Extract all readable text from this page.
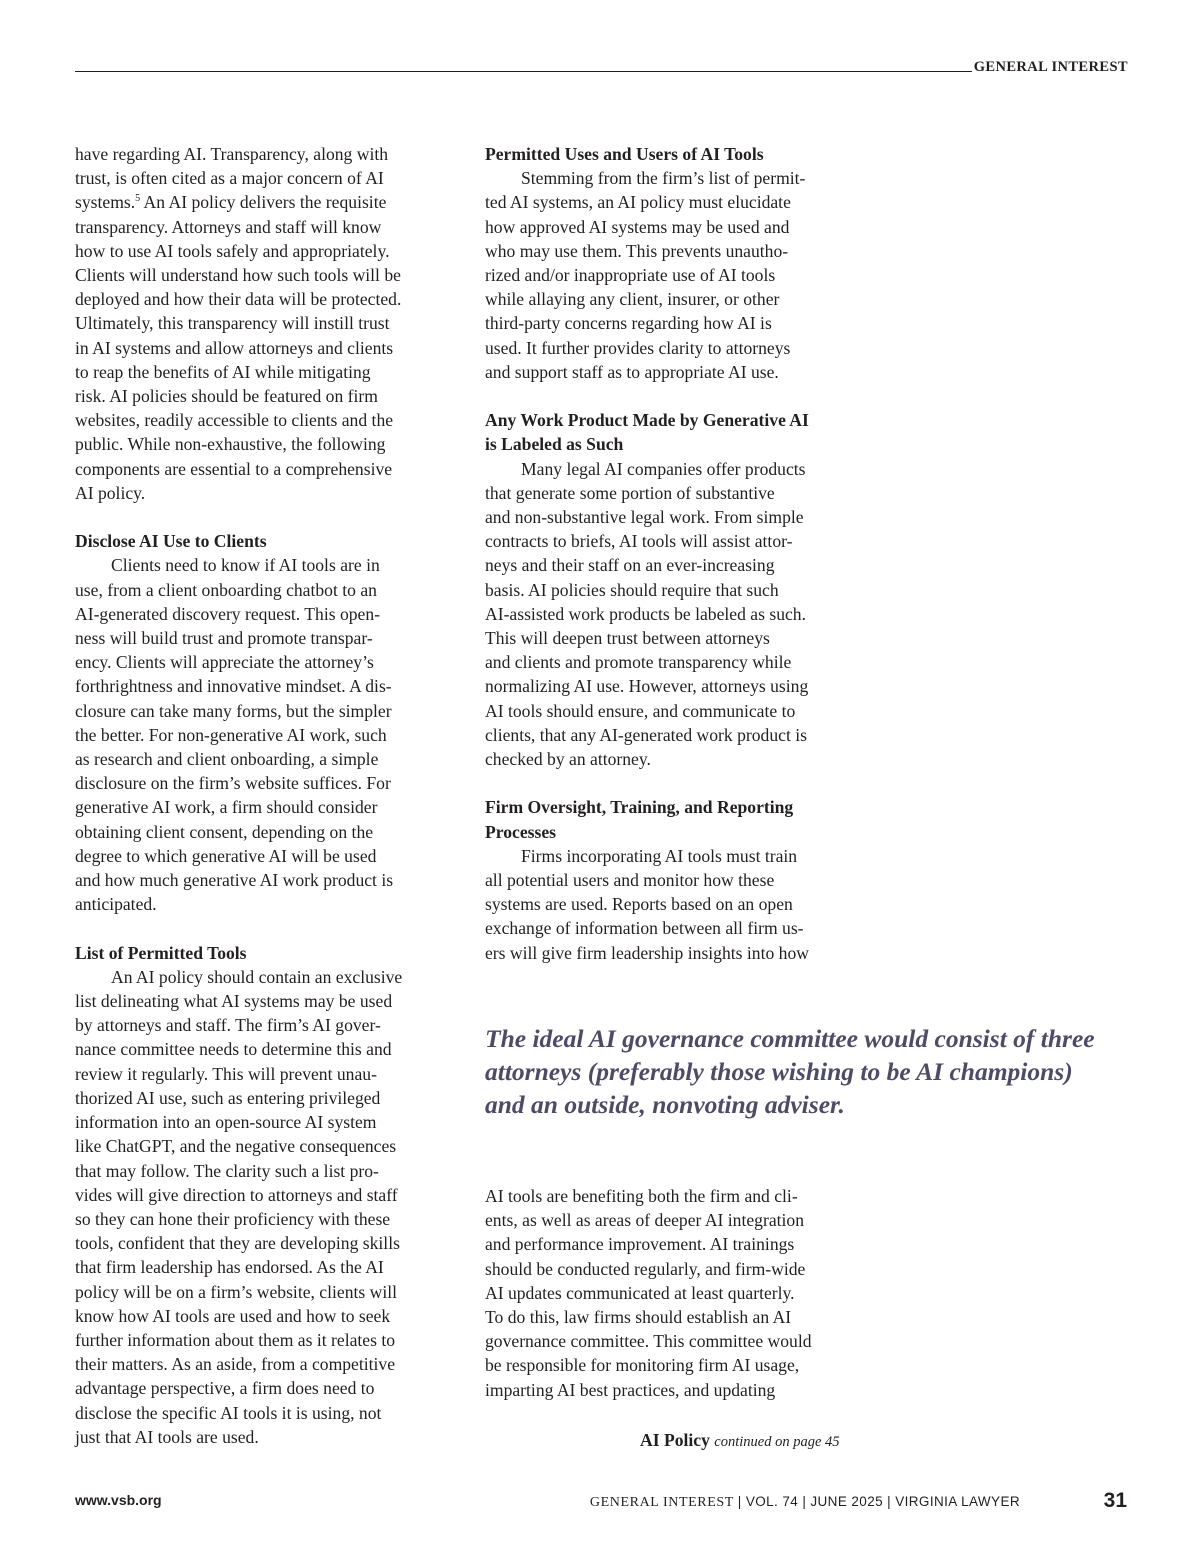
GENERAL INTEREST

have regarding AI. Transparency, along with
trust, is often cited as a major concern of AI
systems.$^5$ An AI policy delivers the requisite
transparency. Attorneys and staff will know
how to use AI tools safely and appropriately.
Clients will understand how such tools will be
deployed and how their data will be protected.
Ultimately, this transparency will instill trust
in AI systems and allow attorneys and clients
to reap the benefits of AI while mitigating
risk. AI policies should be featured on firm
websites, readily accessible to clients and the
public. While non-exhaustive, the following
components are essential to a comprehensive
AI policy.

Disclose AI Use to Clients
Clients need to know if AI tools are in
use, from a client onboarding chatbot to an
AI-generated discovery request. This open-
ness will build trust and promote transpar-
ency. Clients will appreciate the attorney’s
forthrightness and innovative mindset. A dis-
closure can take many forms, but the simpler
the better. For non-generative AI work, such
as research and client onboarding, a simple
disclosure on the firm’s website suffices. For
generative AI work, a firm should consider
obtaining client consent, depending on the
degree to which generative AI will be used
and how much generative AI work product is
anticipated.

List of Permitted Tools
An AI policy should contain an exclusive
list delineating what AI systems may be used
by attorneys and staff. The firm’s AI gover-
nance committee needs to determine this and
review it regularly. This will prevent unau-
thorized AI use, such as entering privileged
information into an open-source AI system
like ChatGPT, and the negative consequences
that may follow. The clarity such a list pro-
vides will give direction to attorneys and staff
so they can hone their proficiency with these
tools, confident that they are developing skills
that firm leadership has endorsed. As the AI
policy will be on a firm’s website, clients will
know how AI tools are used and how to seek
further information about them as it relates to
their matters. As an aside, from a competitive
advantage perspective, a firm does need to
disclose the specific AI tools it is using, not
just that AI tools are used.

Permitted Uses and Users of AI Tools
Stemming from the firm’s list of permit-
ted AI systems, an AI policy must elucidate
how approved AI systems may be used and
who may use them. This prevents unautho-
rized and/or inappropriate use of AI tools
while allaying any client, insurer, or other
third-party concerns regarding how AI is
used. It further provides clarity to attorneys
and support staff as to appropriate AI use.

Any Work Product Made by Generative AI
is Labeled as Such
Many legal AI companies offer products
that generate some portion of substantive
and non-substantive legal work. From simple
contracts to briefs, AI tools will assist attor-
neys and their staff on an ever-increasing
basis. AI policies should require that such
AI-assisted work products be labeled as such.
This will deepen trust between attorneys
and clients and promote transparency while
normalizing AI use. However, attorneys using
AI tools should ensure, and communicate to
clients, that any AI-generated work product is
checked by an attorney.

Firm Oversight, Training, and Reporting
Processes
Firms incorporating AI tools must train
all potential users and monitor how these
systems are used. Reports based on an open
exchange of information between all firm us-
ers will give firm leadership insights into how

The ideal AI governance committee would consist of three
attorneys (preferably those wishing to be AI champions)
and an outside, nonvoting adviser.
AI tools are benefiting both the firm and cli-
ents, as well as areas of deeper AI integration
and performance improvement. AI trainings
should be conducted regularly, and firm-wide
AI updates communicated at least quarterly.
To do this, law firms should establish an AI
governance committee. This committee would
be responsible for monitoring firm AI usage,
imparting AI best practices, and updating
AI Policy continued on page 45
www.vsb.org	GENERAL INTEREST | VOL. 74 | JUNE 2025 | VIRGINIA LAWYER	31
